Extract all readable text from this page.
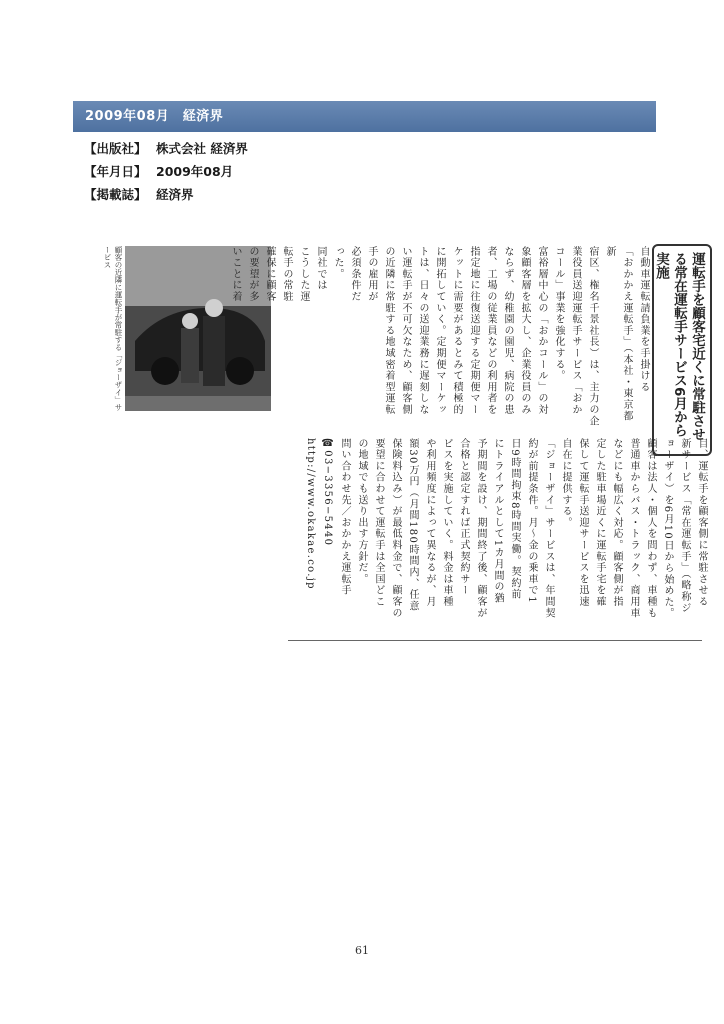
2009年08月　経済界
【出版社】 株式会社 経済界
【年月日】 2009年08月
【掲載誌】 経済界
運転手を顧客宅近くに常駐させる常在運転手サービス6月から実施
顧客の近隣に運転手が常駐する「ジョーザイ」サービス	自動車運転請負業を手掛ける
「おかかえ運転手」（本社・東京都新
宿区、権名千景社長）は、主力の企
業役員送迎運転手サービス「おか
コール」事業を強化する。
富裕層中心の「おかコール」の対
象顧客層を拡大し、企業役員のみ
ならず、幼稚園の園児、病院の患
者、工場の従業員などの利用者を
指定地に往復送迎する定期便マー
ケットに需要があるとみて積極的
に開拓していく。定期便マーケッ
トは、日々の送迎業務に遅刻しな
い運転手が不可欠なため、顧客側
の近隣に常駐する地域密着型運転
手の雇用が
必須条件だ
った。
同社では
こうした運
転手の常駐
確保に顧客
の要望が多
いことに着
目、運転手を顧客側に常駐させる
新サービス「常在運転手」（略称ジ
ョーザイ）を6月10日から始めた。
顧客は法人・個人を問わず、車種も
普通車からバス・トラック、商用車
などにも幅広く対応。顧客側が指
定した駐車場近くに運転手宅を確
保して運転手送迎サービスを迅速
自在に提供する。
「ジョーザイ」サービスは、年間契
約が前提条件。月〜金の乗車で1
日9時間拘束8時間実働。契約前
にトライアルとして1カ月間の猶
予期間を設け、期間終了後、顧客が
合格と認定すれば正式契約サー
ビスを実施していく。料金は車種
や利用頻度によって異なるが、月
額30万円（月間180時間内、任意
保険料込み）が最低料金で、顧客の
要望に合わせて運転手は全国どこ
の地域でも送り出す方針だ。
問い合わせ先／おかかえ運転手
☎03−3356−5440
http://www.okakae.co.jp
61
